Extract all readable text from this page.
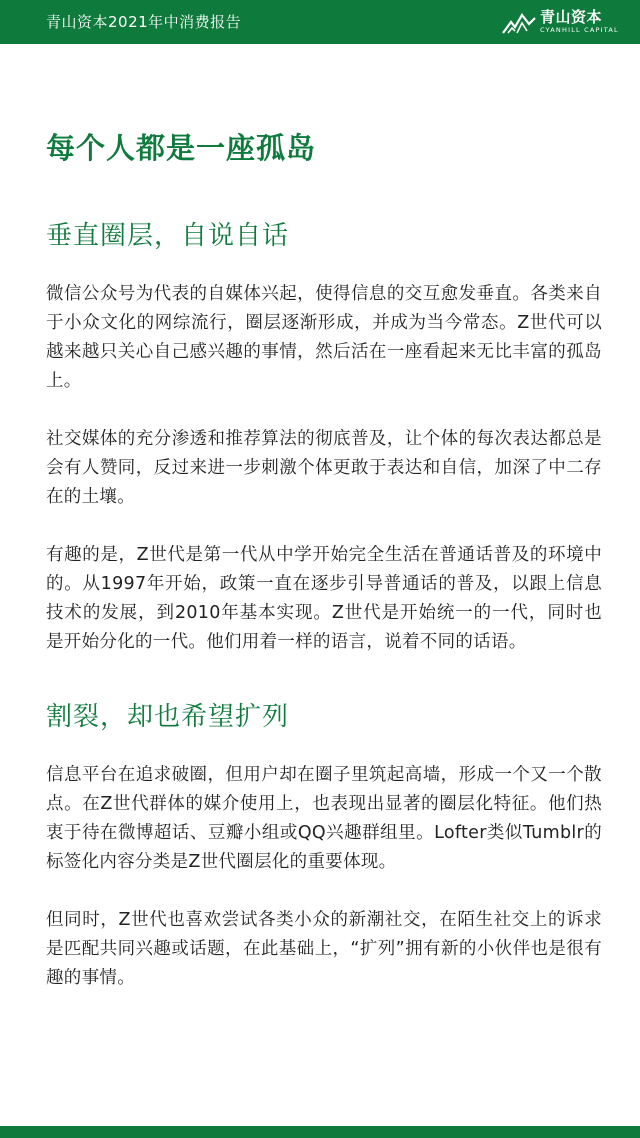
青山资本2021年中消费报告	青山资本
CYANHILL CAPITAL
每个人都是一座孤岛
垂直圈层，自说自话

微信公众号为代表的自媒体兴起，使得信息的交互愈发垂直。各类来自于小众文化的网综流行，圈层逐渐形成，并成为当今常态。Z世代可以越来越只关心自己感兴趣的事情，然后活在一座看起来无比丰富的孤岛上。

社交媒体的充分渗透和推荐算法的彻底普及，让个体的每次表达都总是会有人赞同，反过来进一步刺激个体更敢于表达和自信，加深了中二存在的土壤。

有趣的是，Z世代是第一代从中学开始完全生活在普通话普及的环境中的。从1997年开始，政策一直在逐步引导普通话的普及，以跟上信息技术的发展，到2010年基本实现。Z世代是开始统一的一代，同时也是开始分化的一代。他们用着一样的语言，说着不同的话语。

割裂，却也希望扩列

信息平台在追求破圈，但用户却在圈子里筑起高墙，形成一个又一个散点。在Z世代群体的媒介使用上，也表现出显著的圈层化特征。他们热衷于待在微博超话、豆瓣小组或QQ兴趣群组里。Lofter类似Tumblr的标签化内容分类是Z世代圈层化的重要体现。

但同时，Z世代也喜欢尝试各类小众的新潮社交，在陌生社交上的诉求是匹配共同兴趣或话题，在此基础上，“扩列”拥有新的小伙伴也是很有趣的事情。
